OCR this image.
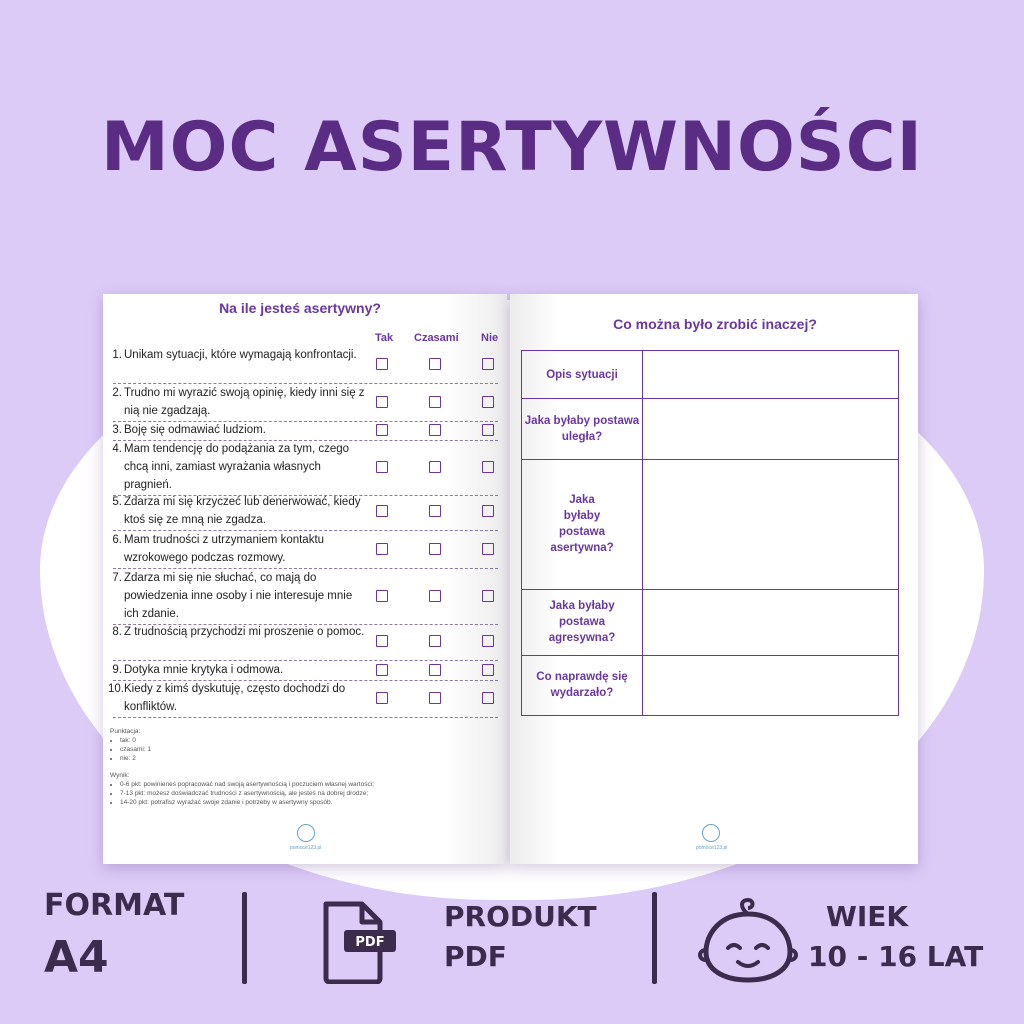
MOC ASERTYWNOŚCI
Na ile jesteś asertywny?
Tak Czasami Nie
1. Unikam sytuacji, które wymagają konfrontacji.
2. Trudno mi wyrazić swoją opinię, kiedy inni się z nią nie zgadzają.
3. Boję się odmawiać ludziom.
4. Mam tendencję do podążania za tym, czego chcą inni, zamiast wyrażania własnych pragnień.
5. Zdarza mi się krzyczeć lub denerwować, kiedy ktoś się ze mną nie zgadza.
6. Mam trudności z utrzymaniem kontaktu wzrokowego podczas rozmowy.
7. Zdarza mi się nie słuchać, co mają do powiedzenia inne osoby i nie interesuje mnie ich zdanie.
8. Z trudnością przychodzi mi proszenie o pomoc.
9. Dotyka mnie krytyka i odmowa.
10. Kiedy z kimś dyskutuję, często dochodzi do konfliktów.
Punktacja:
• tak: 0
• czasami: 1
• nie: 2
Wynik:
• 0-6 pkt: powinieneś popracować nad swoją asertywnością i poczuciem własnej wartości;
• 7-13 pkt: możesz doświadczać trudności z asertywnością, ale jesteś na dobrej drodze;
• 14-20 pkt: potrafisz wyrażać swoje zdanie i potrzeby w asertywny sposób.
pomoce123.pl
Co można było zrobić inaczej?
Opis sytuacji
Jaka byłaby postawa uległa?
Jaka byłaby postawa asertywna?
Jaka byłaby postawa agresywna?
Co naprawdę się wydarzało?
pomoce123.pl
FORMAT
A4	PDF
PRODUKT
PDF
WIEK
10 - 16 LAT
